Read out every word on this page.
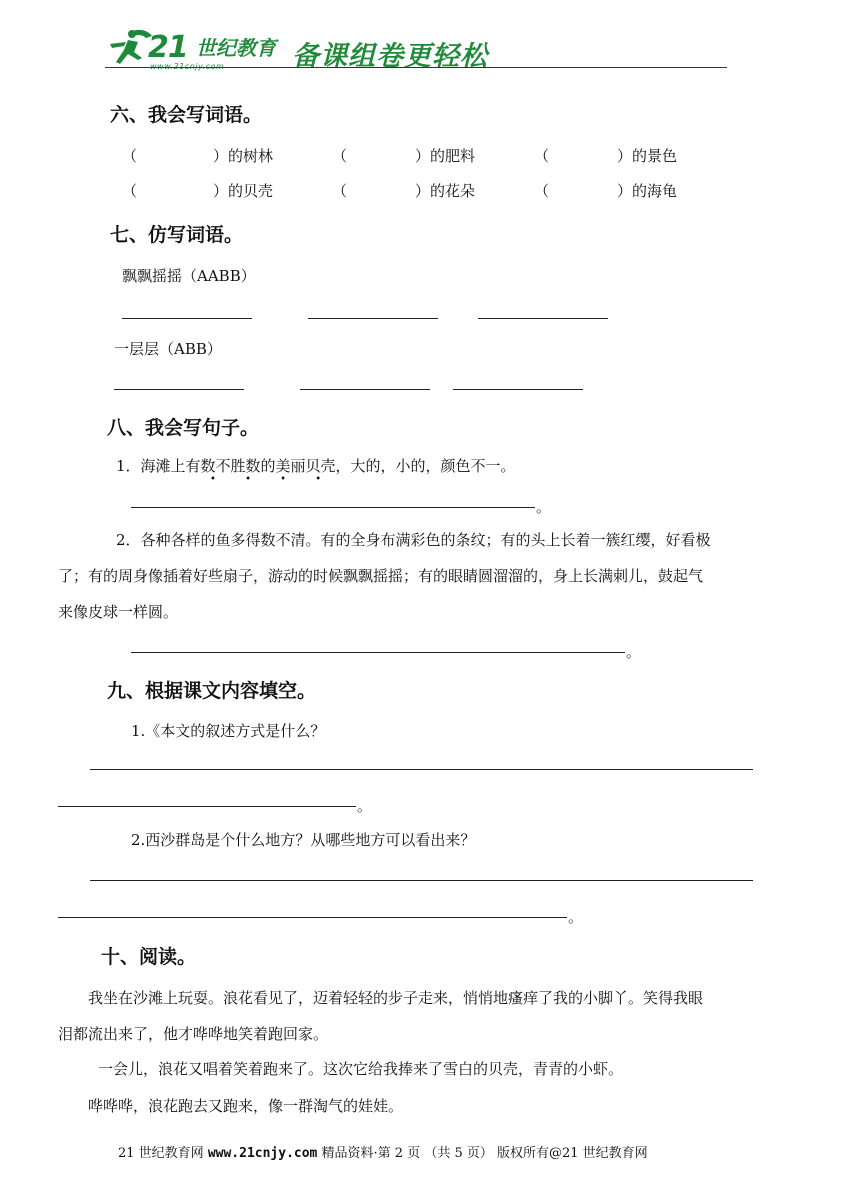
21 世纪教育
www.21cnjy.com	备课组卷更轻松
六、我会写词语。
（	）的树林	（	）的肥料	（	）的景色
（	）的贝壳	（	）的花朵	（	）的海龟
七、仿写词语。
飘飘摇摇（AABB）
一层层（ABB）
八、我会写句子。
1．海滩上有数不胜数的美丽贝壳，大的，小的，颜色不一。
• • • •
。
2．各种各样的鱼多得数不清。有的全身布满彩色的条纹；有的头上长着一簇红缨，好看极
了；有的周身像插着好些扇子，游动的时候飘飘摇摇；有的眼睛圆溜溜的，身上长满刺儿，鼓起气
来像皮球一样圆。
。
九、根据课文内容填空。
1.《本文的叙述方式是什么？
。
2.西沙群岛是个什么地方？从哪些地方可以看出来？
。
十、阅读。
我坐在沙滩上玩耍。浪花看见了，迈着轻轻的步子走来，悄悄地瘙痒了我的小脚丫。笑得我眼
泪都流出来了，他才哗哗地笑着跑回家。
一会儿，浪花又唱着笑着跑来了。这次它给我捧来了雪白的贝壳，青青的小虾。
哗哗哗，浪花跑去又跑来，像一群淘气的娃娃。
21 世纪教育网 www.21cnjy.com 精品资料·第 2 页 （共 5 页） 版权所有@21 世纪教育网
